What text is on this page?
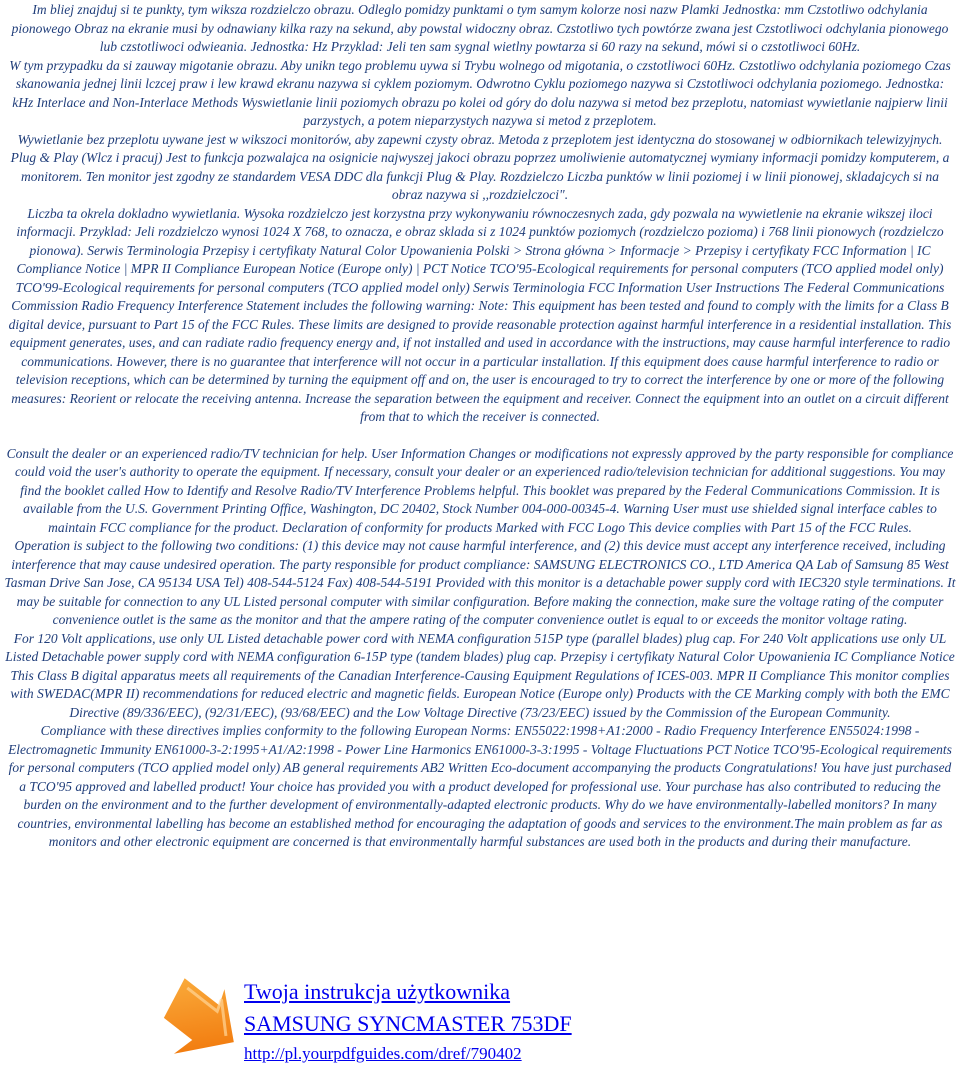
Im bliej znajduj si te punkty, tym wiksza rozdzielczo obrazu. Odleglo pomidzy punktami o tym samym kolorze nosi nazw Plamki Jednostka: mm Czstotliwo odchylania pionowego Obraz na ekranie musi by odnawiany kilka razy na sekund, aby powstal widoczny obraz. Czstotliwo tych powtórze zwana jest Czstotliwoci odchylania pionowego lub czstotliwoci odwieania. Jednostka: Hz Przyklad: Jeli ten sam sygnal wietlny powtarza si 60 razy na sekund, mówi si o czstotliwoci 60Hz.

W tym przypadku da si zauway migotanie obrazu. Aby unikn tego problemu uywa si Trybu wolnego od migotania, o czstotliwoci 60Hz. Czstotliwo odchylania poziomego Czas skanowania jednej linii lczcej praw i lew krawd ekranu nazywa si cyklem poziomym. Odwrotno Cyklu poziomego nazywa si Czstotliwoci odchylania poziomego. Jednostka: kHz Interlace and Non-Interlace Methods Wyswietlanie linii poziomych obrazu po kolei od góry do dolu nazywa si metod bez przeplotu, natomiast wywietlanie najpierw linii parzystych, a potem nieparzystych nazywa si metod z przeplotem.

Wywietlanie bez przeplotu uywane jest w wikszoci monitorów, aby zapewni czysty obraz. Metoda z przeplotem jest identyczna do stosowanej w odbiornikach telewizyjnych. Plug & Play (Wlcz i pracuj) Jest to funkcja pozwalajca na osignicie najwyszej jakoci obrazu poprzez umoliwienie automatycznej wymiany informacji pomidzy komputerem, a monitorem. Ten monitor jest zgodny ze standardem VESA DDC dla funkcji Plug & Play. Rozdzielczo Liczba punktów w linii poziomej i w linii pionowej, skladajcych si na obraz nazywa si ,,rozdzielczoci".

Liczba ta okrela dokladno wywietlania. Wysoka rozdzielczo jest korzystna przy wykonywaniu równoczesnych zada, gdy pozwala na wywietlenie na ekranie wikszej iloci informacji. Przyklad: Jeli rozdzielczo wynosi 1024 X 768, to oznacza, e obraz sklada si z 1024 punktów poziomych (rozdzielczo pozioma) i 768 linii pionowych (rozdzielczo pionowa). Serwis Terminologia Przepisy i certyfikaty Natural Color Upowanienia Polski > Strona główna > Informacje > Przepisy i certyfikaty FCC Information | IC Compliance Notice | MPR II Compliance European Notice (Europe only) | PCT Notice TCO'95-Ecological requirements for personal computers (TCO applied model only) TCO'99-Ecological requirements for personal computers (TCO applied model only) Serwis Terminologia FCC Information User Instructions The Federal Communications Commission Radio Frequency Interference Statement includes the following warning: Note: This equipment has been tested and found to comply with the limits for a Class B digital device, pursuant to Part 15 of the FCC Rules. These limits are designed to provide reasonable protection against harmful interference in a residential installation. This equipment generates, uses, and can radiate radio frequency energy and, if not installed and used in accordance with the instructions, may cause harmful interference to radio communications. However, there is no guarantee that interference will not occur in a particular installation. If this equipment does cause harmful interference to radio or television receptions, which can be determined by turning the equipment off and on, the user is encouraged to try to correct the interference by one or more of the following measures: Reorient or relocate the receiving antenna. Increase the separation between the equipment and receiver. Connect the equipment into an outlet on a circuit different from that to which the receiver is connected.

Consult the dealer or an experienced radio/TV technician for help. User Information Changes or modifications not expressly approved by the party responsible for compliance could void the user's authority to operate the equipment. If necessary, consult your dealer or an experienced radio/television technician for additional suggestions. You may find the booklet called How to Identify and Resolve Radio/TV Interference Problems helpful. This booklet was prepared by the Federal Communications Commission. It is available from the U.S. Government Printing Office, Washington, DC 20402, Stock Number 004-000-00345-4. Warning User must use shielded signal interface cables to maintain FCC compliance for the product. Declaration of conformity for products Marked with FCC Logo This device complies with Part 15 of the FCC Rules.

Operation is subject to the following two conditions: (1) this device may not cause harmful interference, and (2) this device must accept any interference received, including interference that may cause undesired operation. The party responsible for product compliance: SAMSUNG ELECTRONICS CO., LTD America QA Lab of Samsung 85 West Tasman Drive San Jose, CA 95134 USA Tel) 408-544-5124 Fax) 408-544-5191 Provided with this monitor is a detachable power supply cord with IEC320 style terminations. It may be suitable for connection to any UL Listed personal computer with similar configuration. Before making the connection, make sure the voltage rating of the computer convenience outlet is the same as the monitor and that the ampere rating of the computer convenience outlet is equal to or exceeds the monitor voltage rating.

For 120 Volt applications, use only UL Listed detachable power cord with NEMA configuration 515P type (parallel blades) plug cap. For 240 Volt applications use only UL Listed Detachable power supply cord with NEMA configuration 6-15P type (tandem blades) plug cap. Przepisy i certyfikaty Natural Color Upowanienia IC Compliance Notice This Class B digital apparatus meets all requirements of the Canadian Interference-Causing Equipment Regulations of ICES-003. MPR II Compliance This monitor complies with SWEDAC(MPR II) recommendations for reduced electric and magnetic fields. European Notice (Europe only) Products with the CE Marking comply with both the EMC Directive (89/336/EEC), (92/31/EEC), (93/68/EEC) and the Low Voltage Directive (73/23/EEC) issued by the Commission of the European Community.

Compliance with these directives implies conformity to the following European Norms: EN55022:1998+A1:2000 - Radio Frequency Interference EN55024:1998 - Electromagnetic Immunity EN61000-3-2:1995+A1/A2:1998 - Power Line Harmonics EN61000-3-3:1995 - Voltage Fluctuations PCT Notice TCO'95-Ecological requirements for personal computers (TCO applied model only) AB general requirements AB2 Written Eco-document accompanying the products Congratulations! You have just purchased a TCO'95 approved and labelled product! Your choice has provided you with a product developed for professional use. Your purchase has also contributed to reducing the burden on the environment and to the further development of environmentally-adapted electronic products. Why do we have environmentally-labelled monitors? In many countries, environmental labelling has become an established method for encouraging the adaptation of goods and services to the environment.The main problem as far as monitors and other electronic equipment are concerned is that environmentally harmful substances are used both in the products and during their manufacture.

Twoja instrukcja użytkownika
SAMSUNG SYNCMASTER 753DF
http://pl.yourpdfguides.com/dref/790402
